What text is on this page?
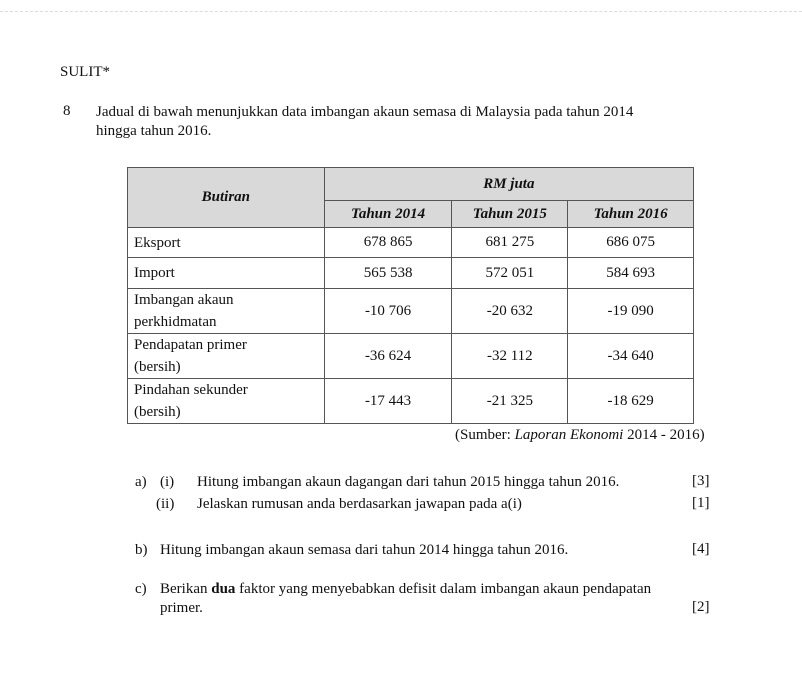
SULIT*
8 Jadual di bawah menunjukkan data imbangan akaun semasa di Malaysia pada tahun 2014
hingga tahun 2016.
Butiran	RM juta		
	Tahun 2014	Tahun 2015	Tahun 2016
Eksport	678 865	681 275	686 075
Import	565 538	572 051	584 693
Imbangan akaun
perkhidmatan	-10 706	-20 632	-19 090
Pendapatan primer
(bersih)	-36 624	-32 112	-34 640
Pindahan sekunder
(bersih)	-17 443	-21 325	-18 629
(Sumber: Laporan Ekonomi 2014 - 2016)
a) (i) Hitung imbangan akaun dagangan dari tahun 2015 hingga tahun 2016.	[3]
(ii) Jelaskan rumusan anda berdasarkan jawapan pada a(i)	[1]
b) Hitung imbangan akaun semasa dari tahun 2014 hingga tahun 2016.	[4]
c) Berikan dua faktor yang menyebabkan defisit dalam imbangan akaun pendapatan
primer.	[2]
